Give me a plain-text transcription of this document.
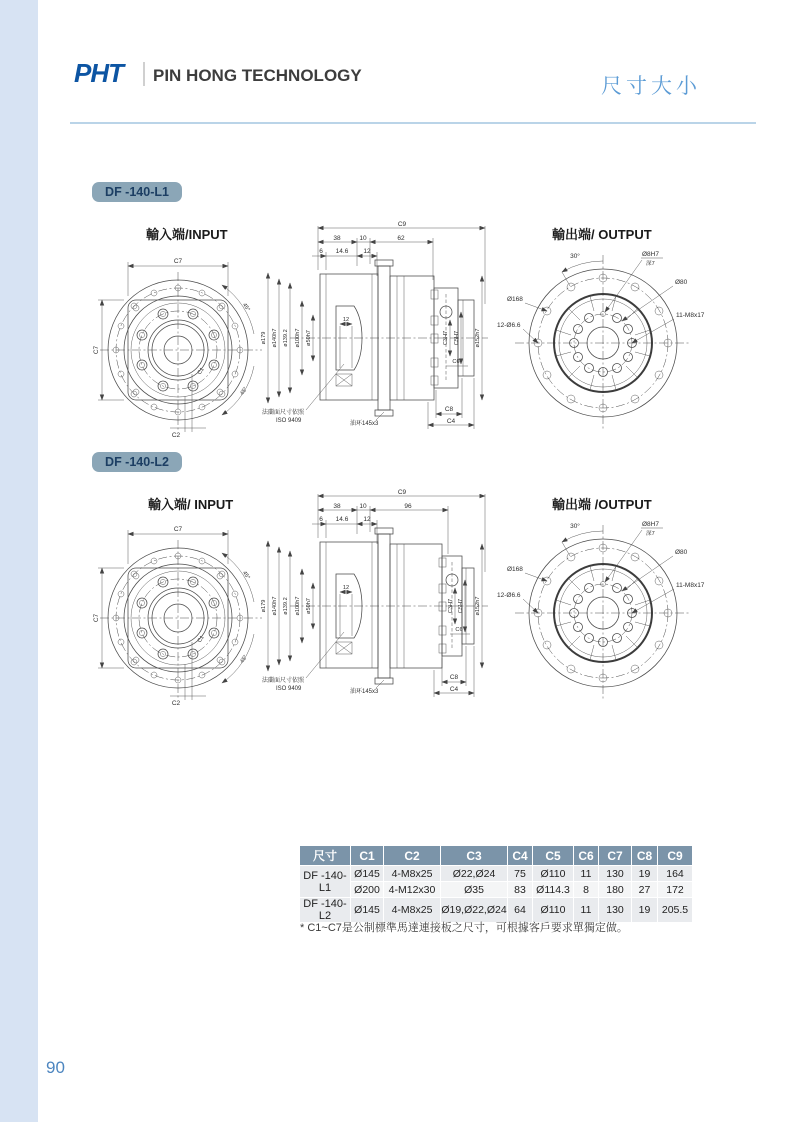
PHT PIN HONG TECHNOLOGY	尺寸大小
DF -140-L1
輸入端/INPUT	輸出端/ OUTPUT
C7
C7
45°
45°
C1
C2
C9
38	10	62
6 14.6 12
12
ø179 ø140h7 ø139.2 ø100h7 ø50h7	C3H7 C5H7	ø152h7
C6
C8
C4
法蘭面尺寸依照
ISO 9409	油环145x3
30°	Ø8H7
深7
Ø80
Ø168
12-Ø6.6
11-M8x17
DF -140-L2
輸入端/ INPUT	輸出端 /OUTPUT
C7
C7
45°
45°
C1
C2
C9
38	10	96
6 14.6 12
12
ø179 ø140h7 ø139.2 ø100h7 ø50h7	C3H7 C5H7 ø152h7
C6
C8
C4
法蘭面尺寸依照
ISO 9409	油环145x3
30°	Ø8H7
深7
Ø80
Ø168
12-Ø6.6
11-M8x17
尺寸	C1	C2	C3	C4	C5	C6	C7	C8	C9
DF -140-L1	Ø145	4-M8x25	Ø22,Ø24	75	Ø110	11	130	19	164
	Ø200	4-M12x30	Ø35	83	Ø114.3	8	180	27	172
DF -140-L2	Ø145	4-M8x25	Ø19,Ø22,Ø24	64	Ø110	11	130	19	205.5
* C1~C7是公制標準馬達連接板之尺寸，可根據客戶要求單獨定做。
90
